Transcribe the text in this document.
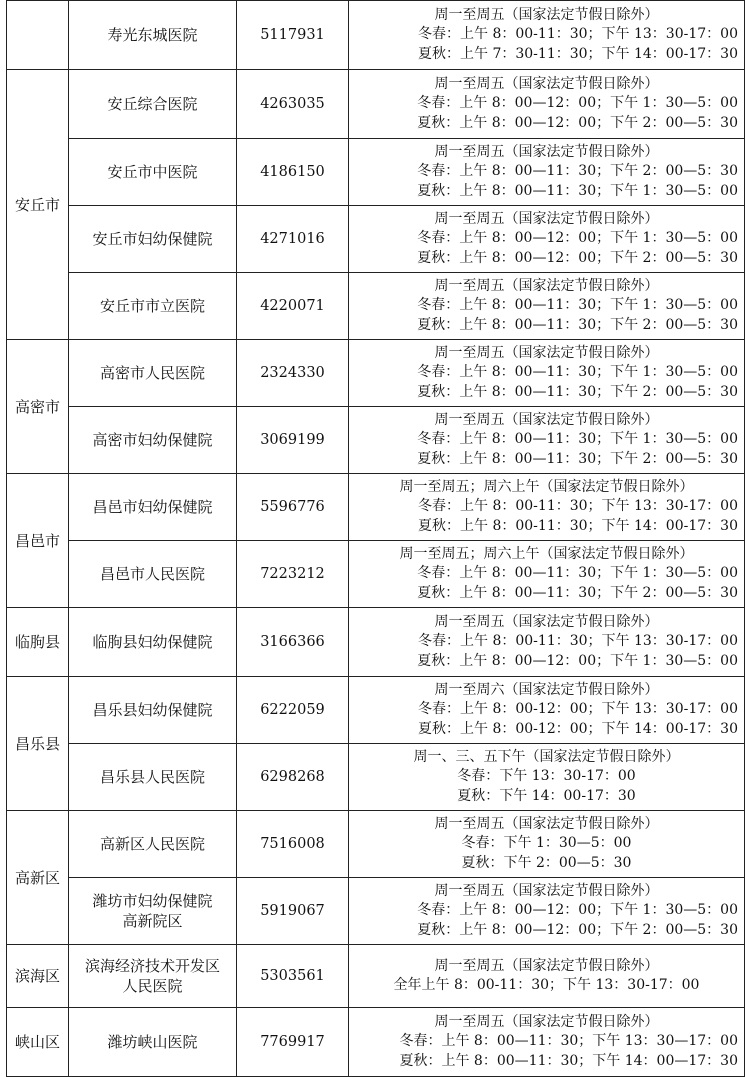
	寿光东城医院	5117931	周一至周五（国家法定节假日除外）
冬春：上午 8：00-11：30；下午 13：30-17：00
夏秋：上午 7：30-11：30；下午 14：00-17：30

安丘市	安丘综合医院	4263035	周一至周五（国家法定节假日除外）
冬春：上午 8：00—12：00；下午 1：30—5：00
夏秋：上午 8：00—12：00；下午 2：00—5：30

	安丘市中医院	4186150	周一至周五（国家法定节假日除外）
冬春：上午 8：00—11：30；下午 2：00—5：30
夏秋：上午 8：00—11：30；下午 1：30—5：00

	安丘市妇幼保健院	4271016	周一至周五（国家法定节假日除外）
冬春：上午 8：00—12：00；下午 1：30—5：00
夏秋：上午 8：00—12：00；下午 2：00—5：30

	安丘市市立医院	4220071	周一至周五（国家法定节假日除外）
冬春：上午 8：00—11：30；下午 1：30—5：00
夏秋：上午 8：00—11：30；下午 2：00—5：30

高密市	高密市人民医院	2324330	周一至周五（国家法定节假日除外）
冬春：上午 8：00—11：30；下午 1：30—5：00
夏秋：上午 8：00—11：30；下午 2：00—5：30

	高密市妇幼保健院	3069199	周一至周五（国家法定节假日除外）
冬春：上午 8：00—11：30；下午 1：30—5：00
夏秋：上午 8：00—11：30；下午 2：00—5：30

昌邑市	昌邑市妇幼保健院	5596776	周一至周五；周六上午（国家法定节假日除外）
冬春：上午 8：00-11：30；下午 13：30-17：00
夏秋：上午 8：00-11：30；下午 14：00-17：30

	昌邑市人民医院	7223212	周一至周五；周六上午（国家法定节假日除外）
冬春：上午 8：00—11：30；下午 1：30—5：00
夏秋：上午 8：00—11：30；下午 2：00—5：30

临朐县	临朐县妇幼保健院	3166366	周一至周五（国家法定节假日除外）
冬春：上午 8：00-11：30；下午 13：30-17：00
夏秋：上午 8：00—12：00；下午 1：30—5：00

昌乐县	昌乐县妇幼保健院	6222059	周一至周六（国家法定节假日除外）
冬春：上午 8：00-12：00；下午 13：30-17：00
夏秋：上午 8：00-12：00；下午 14：00-17：30

	昌乐县人民医院	6298268	周一、三、五下午（国家法定节假日除外）
冬春：下午 13：30-17：00
夏秋：下午 14：00-17：30

高新区	高新区人民医院	7516008	周一至周五（国家法定节假日除外）
冬春：下午 1：30—5：00
夏秋：下午 2：00—5：30

	潍坊市妇幼保健院
高新院区	5919067	周一至周五（国家法定节假日除外）
冬春：上午 8：00—12：00；下午 1：30—5：00
夏秋：上午 8：00—12：00；下午 2：00—5：30

滨海区	滨海经济技术开发区
人民医院	5303561	周一至周五（国家法定节假日除外）
全年上午 8：00-11：30；下午 13：30-17：00

峡山区	潍坊峡山医院	7769917	周一至周五（国家法定节假日除外）
冬春：上午 8：00—11：30；下午 13：30—17：00
夏秋：上午 8：00—11：30；下午 14：00—17：30
